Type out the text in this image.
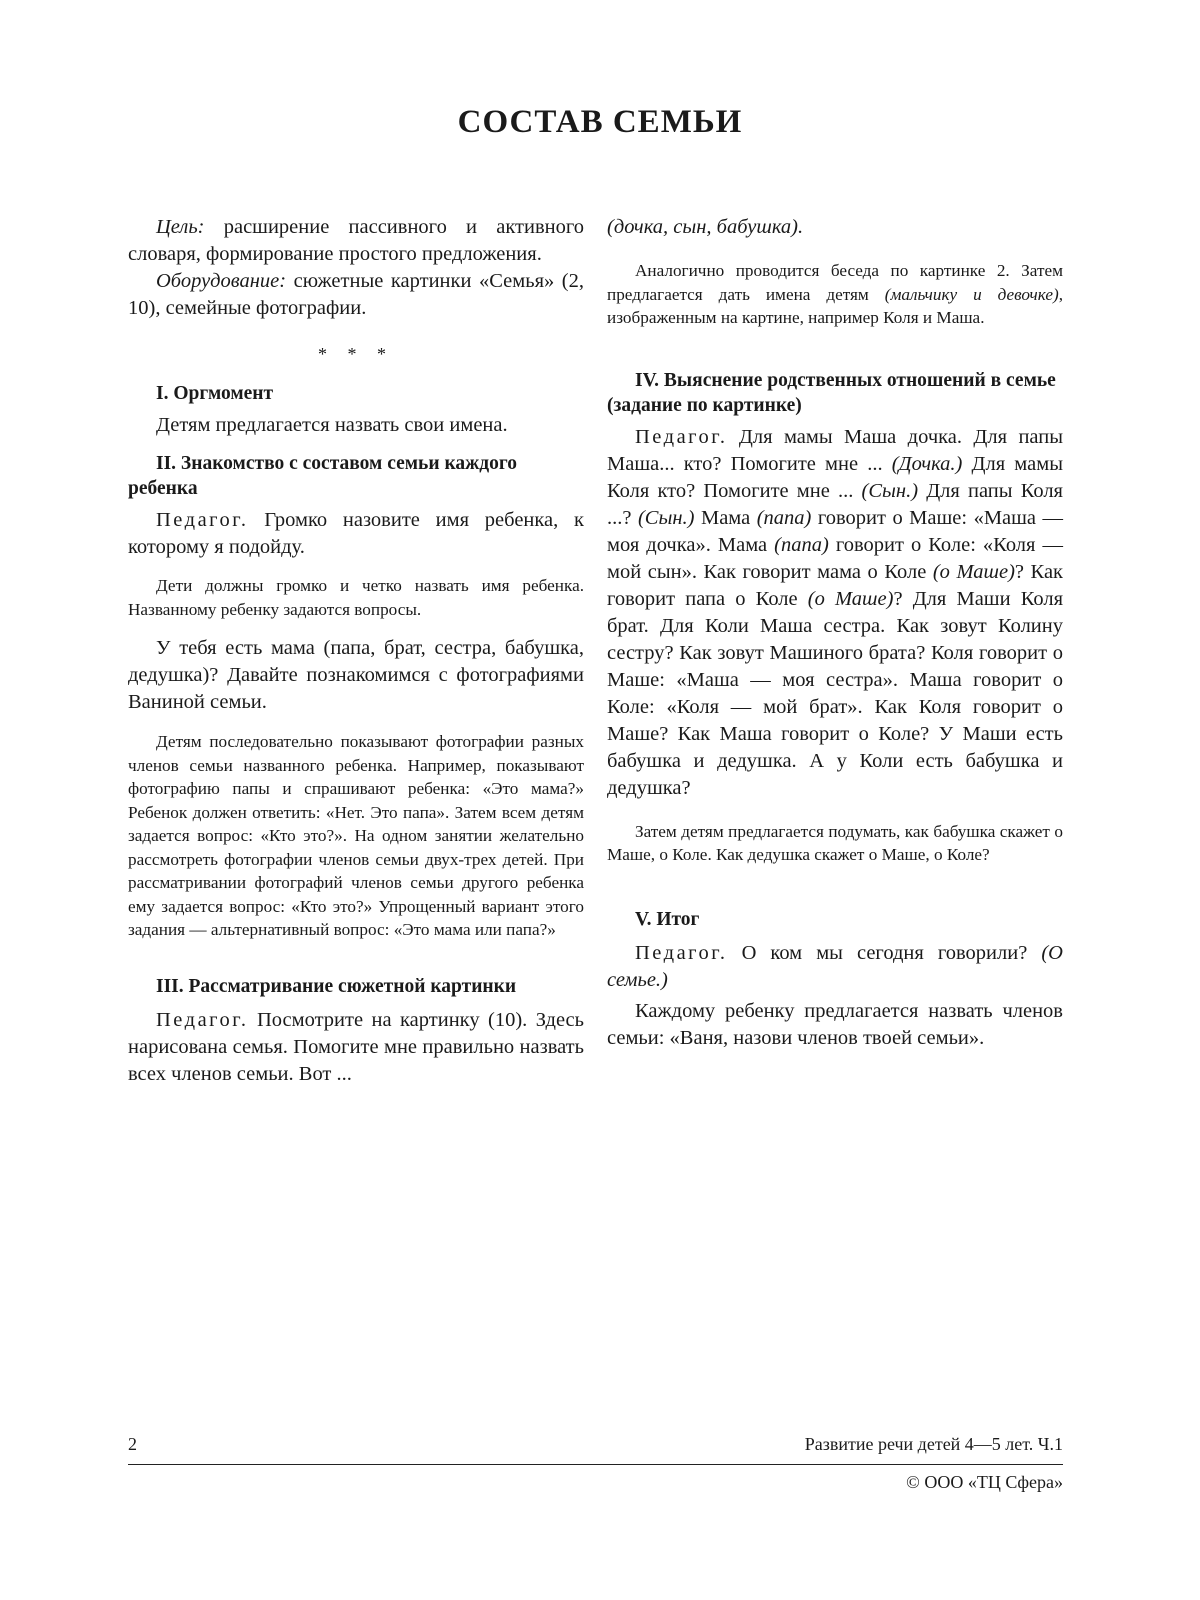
СОСТАВ СЕМЬИ

Цель: расширение пассивного и активного словаря, формирование простого предложения.

Оборудование: сюжетные картинки «Семья» (2, 10), семейные фотографии.

* * *

I. Оргмомент

Детям предлагается назвать свои имена.

II. Знакомство с составом семьи каждого ребенка

Педагог. Громко назовите имя ребенка, к которому я подойду.

Дети должны громко и четко назвать имя ребенка. Названному ребенку задаются вопросы.

У тебя есть мама (папа, брат, сестра, бабушка, дедушка)? Давайте познакомимся с фотографиями Ваниной семьи.

Детям последовательно показывают фотографии разных членов семьи названного ребенка. Например, показывают фотографию папы и спрашивают ребенка: «Это мама?» Ребенок должен ответить: «Нет. Это папа». Затем всем детям задается вопрос: «Кто это?». На одном занятии желательно рассмотреть фотографии членов семьи двух-трех детей. При рассматривании фотографий членов семьи другого ребенка ему задается вопрос: «Кто это?» Упрощенный вариант этого задания — альтернативный вопрос: «Это мама или папа?»

III. Рассматривание сюжетной картинки

Педагог. Посмотрите на картинку (10). Здесь нарисована семья. Помогите мне правильно назвать всех членов семьи. Вот ...

(дочка, сын, бабушка).

Аналогично проводится беседа по картинке 2. Затем предлагается дать имена детям (мальчику и девочке), изображенным на картине, например Коля и Маша.

IV. Выяснение родственных отношений в семье (задание по картинке)

Педагог. Для мамы Маша дочка. Для папы Маша... кто? Помогите мне ... (Дочка.) Для мамы Коля кто? Помогите мне ... (Сын.) Для папы Коля ...? (Сын.) Мама (папа) говорит о Маше: «Маша — моя дочка». Мама (папа) говорит о Коле: «Коля — мой сын». Как говорит мама о Коле (о Маше)? Как говорит папа о Коле (о Маше)? Для Маши Коля брат. Для Коли Маша сестра. Как зовут Колину сестру? Как зовут Машиного брата? Коля говорит о Маше: «Маша — моя сестра». Маша говорит о Коле: «Коля — мой брат». Как Коля говорит о Маше? Как Маша говорит о Коле? У Маши есть бабушка и дедушка. А у Коли есть бабушка и дедушка?

Затем детям предлагается подумать, как бабушка скажет о Маше, о Коле. Как дедушка скажет о Маше, о Коле?

V. Итог

Педагог. О ком мы сегодня говорили? (О семье.)

Каждому ребенку предлагается назвать членов семьи: «Ваня, назови членов твоей семьи».

2	Развитие речи детей 4—5 лет. Ч.1
© ООО «ТЦ Сфера»
